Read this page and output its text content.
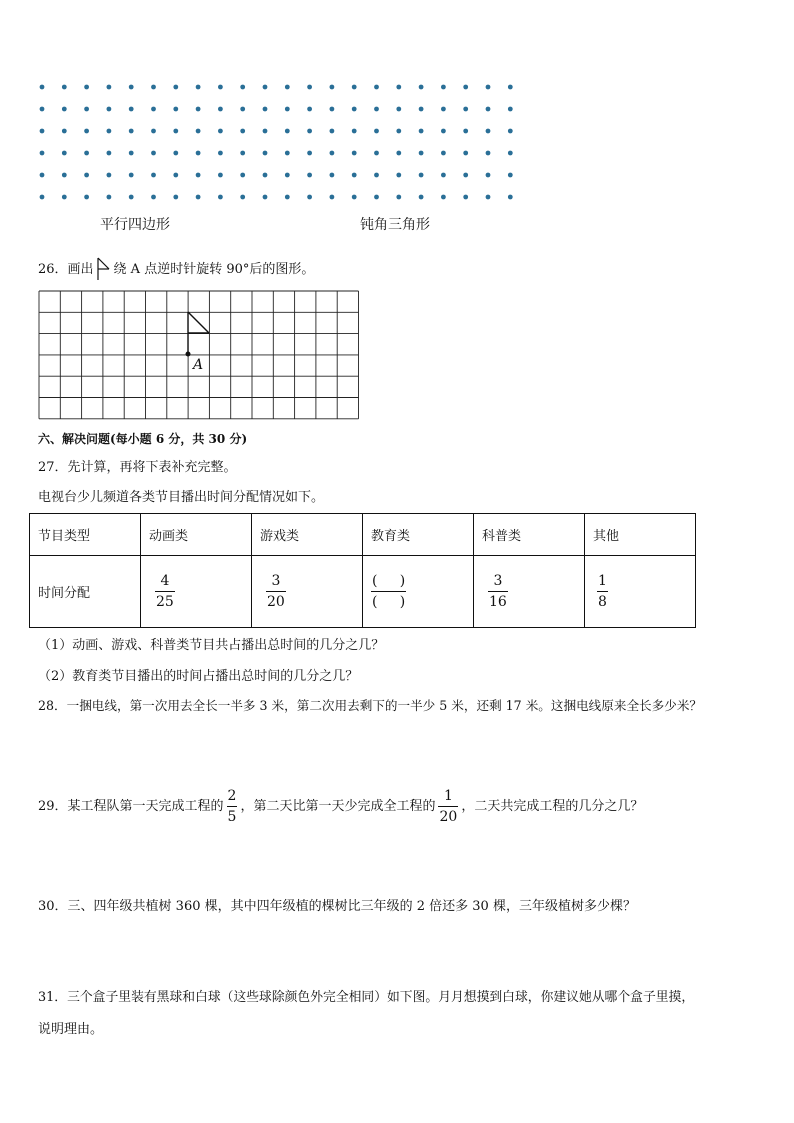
平行四边形	钝角三角形
26．画出 绕 A 点逆时针旋转 90°后的图形。
A
六、解决问题(每小题 6 分，共 30 分)
27．先计算，再将下表补充完整。
电视台少儿频道各类节目播出时间分配情况如下。
节目类型	动画类	游戏类	教育类	科普类	其他
时间分配	$\frac{4}{25}$	$\frac{3}{20}$	$\frac{( )}{( )}$	$\frac{3}{16}$	$\frac{1}{8}$
（1）动画、游戏、科普类节目共占播出总时间的几分之几？
（2）教育类节目播出的时间占播出总时间的几分之几？
28．一捆电线，第一次用去全长一半多 3 米，第二次用去剩下的一半少 5 米，还剩 17 米。这捆电线原来全长多少米？
29．某工程队第一天完成工程的 $\frac{2}{5}$ ，第二天比第一天少完成全工程的 $\frac{1}{20}$ ，二天共完成工程的几分之几？
30．三、四年级共植树 360 棵，其中四年级植的棵树比三年级的 2 倍还多 30 棵，三年级植树多少棵？
31．三个盒子里装有黑球和白球（这些球除颜色外完全相同）如下图。月月想摸到白球，你建议她从哪个盒子里摸，
说明理由。
